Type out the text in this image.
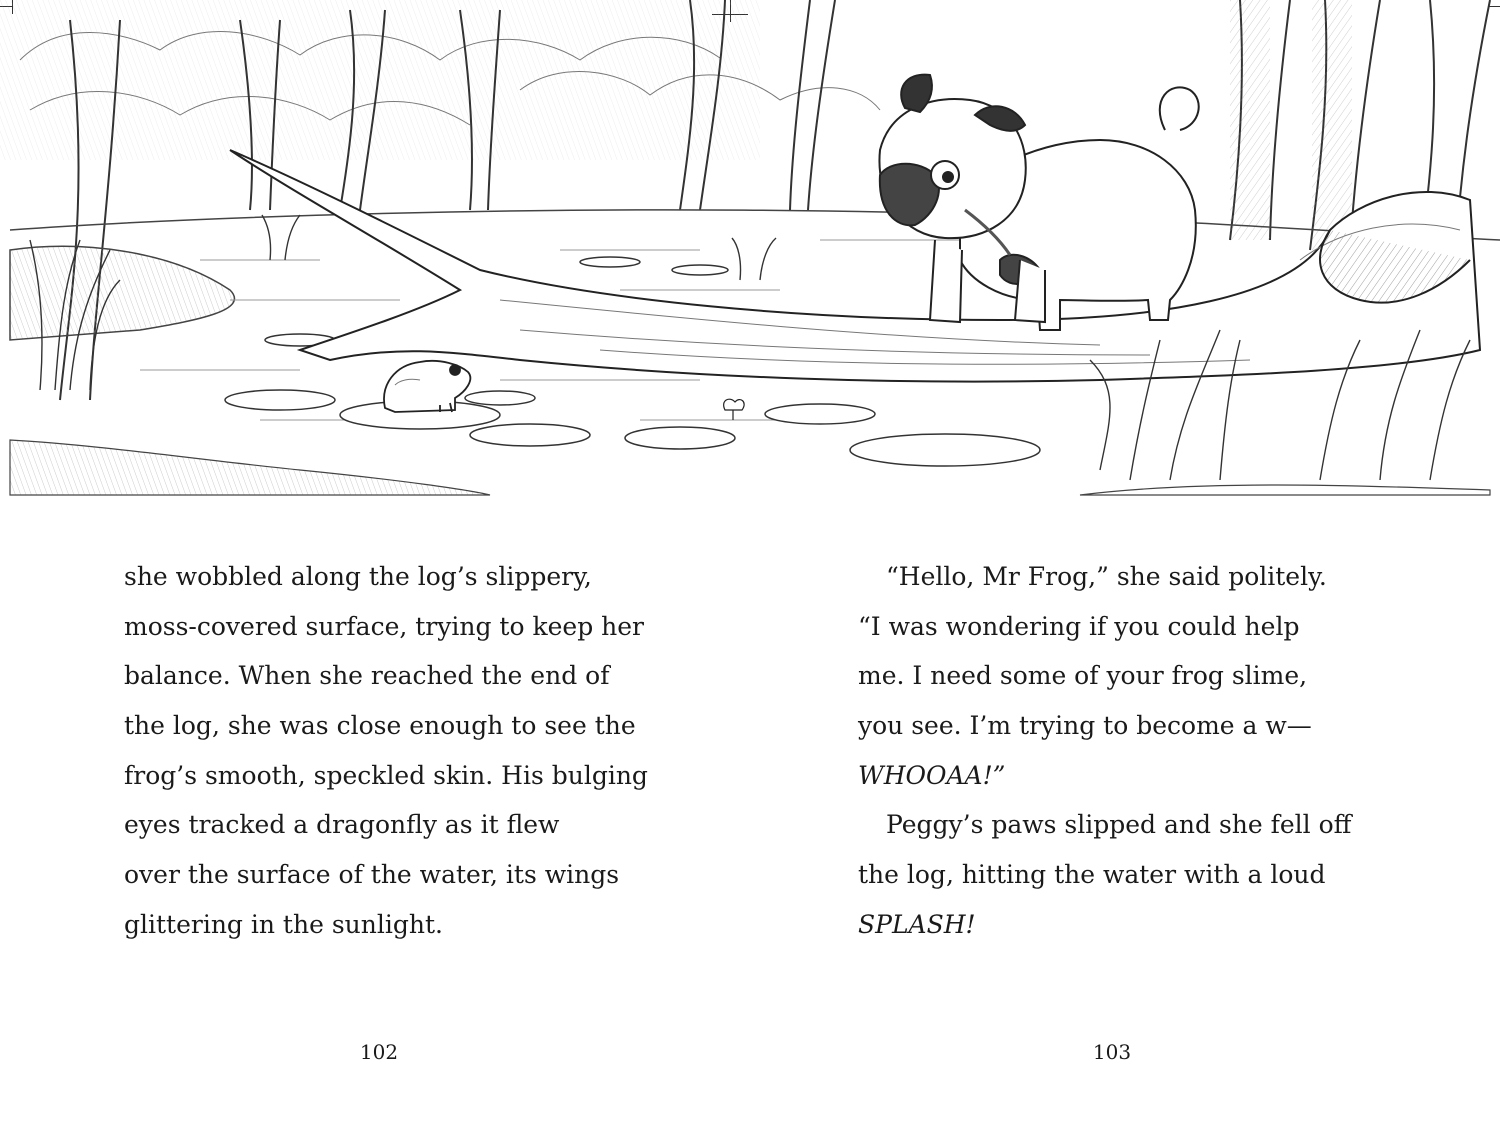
she wobbled along the log’s slippery,
moss-covered surface, trying to keep her
balance. When she reached the end of
the log, she was close enough to see the
frog’s smooth, speckled skin. His bulging
eyes tracked a dragonfly as it flew
over the surface of the water, its wings
glittering in the sunlight.
“Hello, Mr Frog,” she said politely.
“I was wondering if you could help
me. I need some of your frog slime,
you see. I’m trying to become a w—
WHOOAA!”
Peggy’s paws slipped and she fell off
the log, hitting the water with a loud
SPLASH!
102	103
